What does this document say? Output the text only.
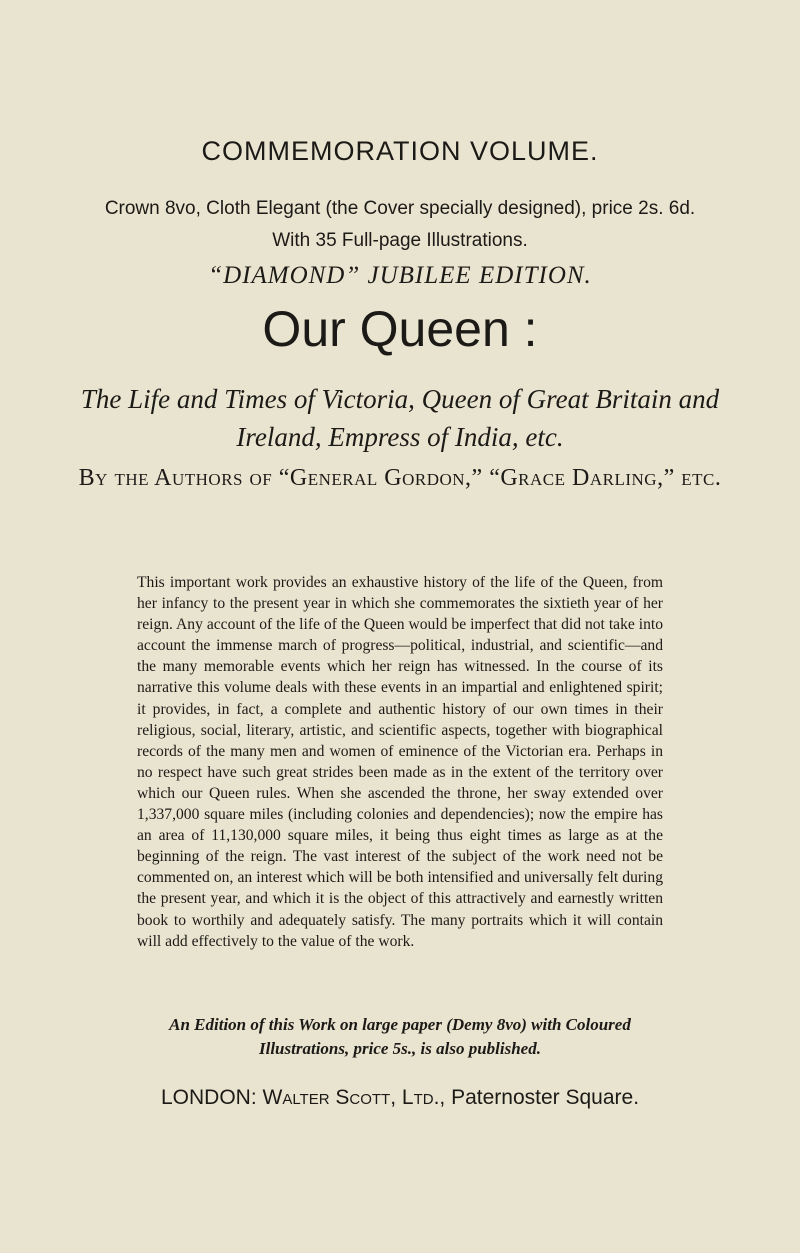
COMMEMORATION VOLUME.
Crown 8vo, Cloth Elegant (the Cover specially designed), price 2s. 6d.
With 35 Full-page Illustrations.
“DIAMOND” JUBILEE EDITION.
Our Queen :
The Life and Times of Victoria, Queen of Great Britain and Ireland, Empress of India, etc.
By the Authors of “General Gordon,” “Grace Darling,” etc.
This important work provides an exhaustive history of the life of the Queen, from her infancy to the present year in which she commemorates the sixtieth year of her reign. Any account of the life of the Queen would be imperfect that did not take into account the immense march of progress—political, industrial, and scientific—and the many memorable events which her reign has witnessed. In the course of its narrative this volume deals with these events in an impartial and enlightened spirit; it provides, in fact, a complete and authentic history of our own times in their religious, social, literary, artistic, and scientific aspects, together with biographical records of the many men and women of eminence of the Victorian era. Perhaps in no respect have such great strides been made as in the extent of the territory over which our Queen rules. When she ascended the throne, her sway extended over 1,337,000 square miles (including colonies and dependencies); now the empire has an area of 11,130,000 square miles, it being thus eight times as large as at the beginning of the reign. The vast interest of the subject of the work need not be commented on, an interest which will be both intensified and universally felt during the present year, and which it is the object of this attractively and earnestly written book to worthily and adequately satisfy. The many portraits which it will contain will add effectively to the value of the work.
An Edition of this Work on large paper (Demy 8vo) with Coloured Illustrations, price 5s., is also published.
LONDON: Walter Scott, Ltd., Paternoster Square.
